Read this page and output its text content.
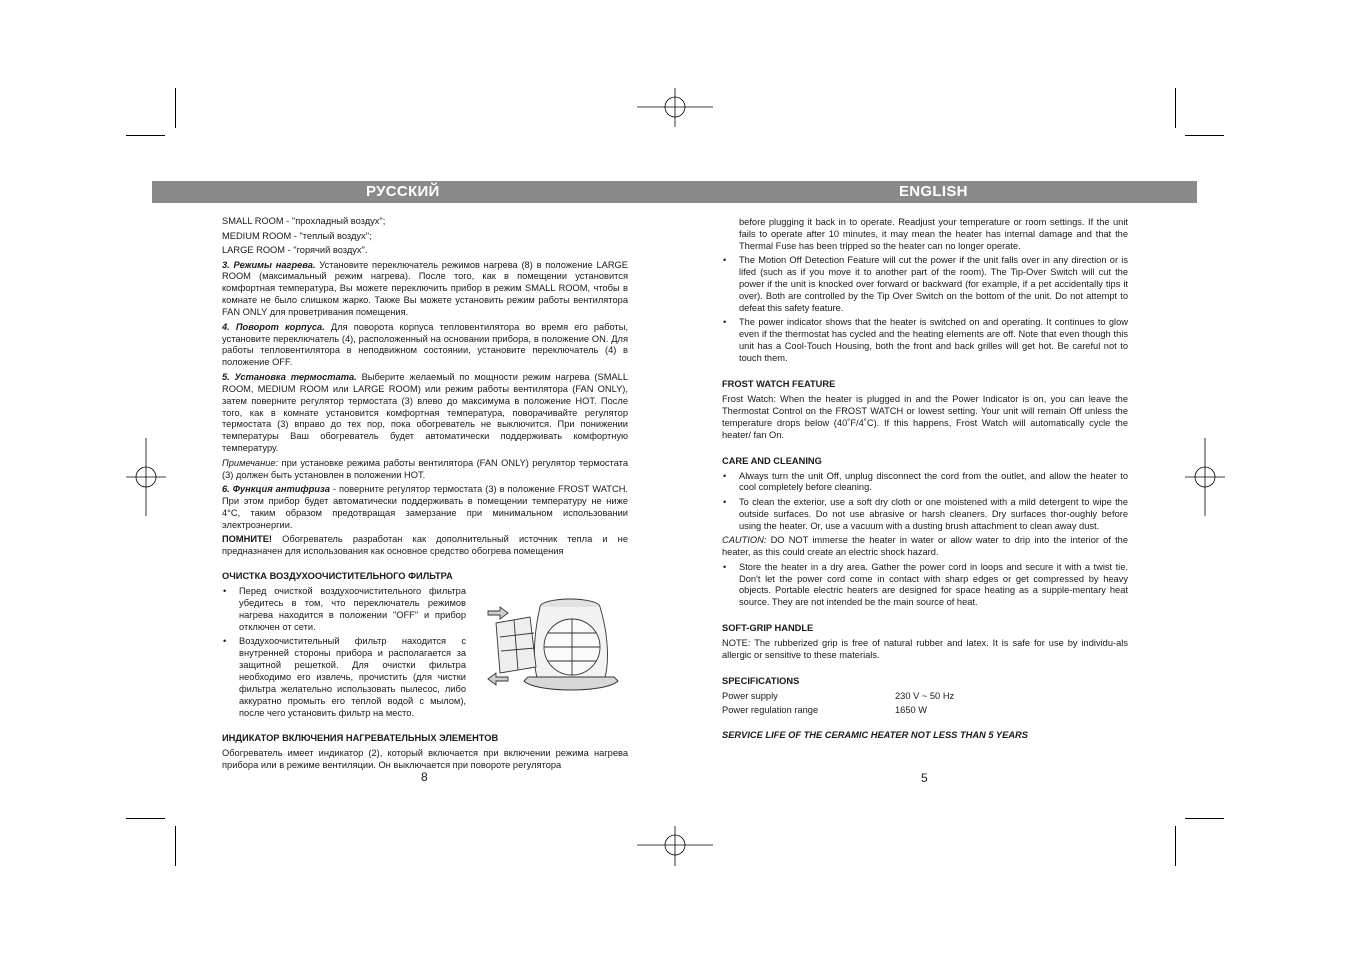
РУССКИЙ	ENGLISH

SMALL ROOM - "прохладный воздух";

MEDIUM ROOM - "теплый воздух";

LARGE ROOM - "горячий воздух".

3. Режимы нагрева. Установите переключатель режимов нагрева (8) в положение LARGE ROOM (максимальный режим нагрева). После того, как в помещении установится комфортная температура, Вы можете переключить прибор в режим SMALL ROOM, чтобы в комнате не было слишком жарко. Также Вы можете установить режим работы вентилятора FAN ONLY для проветривания помещения.

4. Поворот корпуса. Для поворота корпуса тепловентилятора во время его работы, установите переключатель (4), расположенный на основании прибора, в положение ON. Для работы тепловентилятора в неподвижном состоянии, установите переключатель (4) в положение OFF.

5. Установка термостата. Выберите желаемый по мощности режим нагрева (SMALL ROOM, MEDIUM ROOM или LARGE ROOM) или режим работы вентилятора (FAN ONLY), затем поверните регулятор термостата (3) влево до максимума в положение HOT. После того, как в комнате установится комфортная температура, поворачивайте регулятор термостата (3) вправо до тех пор, пока обогреватель не выключится. При понижении температуры Ваш обогреватель будет автоматически поддерживать комфортную температуру.

Примечание: при установке режима работы вентилятора (FAN ONLY) регулятор термостата (3) должен быть установлен в положении HOT.

6. Функция антифриза - поверните регулятор термостата (3) в положение FROST WATCH. При этом прибор будет автоматически поддерживать в помещении температуру не ниже 4°С, таким образом предотвращая замерзание при минимальном использовании электроэнергии.

ПОМНИТЕ! Обогреватель разработан как дополнительный источник тепла и не предназначен для использования как основное средство обогрева помещения

ОЧИСТКА ВОЗДУХООЧИСТИТЕЛЬНОГО ФИЛЬТРА

• Перед очисткой воздухоочистительного фильтра убедитесь в том, что переключатель режимов нагрева находится в положении "OFF" и прибор отключен от сети.

• Воздухоочистительный фильтр находится с внутренней стороны прибора и располагается за защитной решеткой. Для очистки фильтра необходимо его извлечь, прочистить (для чистки фильтра желательно использовать пылесос, либо аккуратно промыть его теплой водой с мылом), после чего установить фильтр на место.

ИНДИКАТОР ВКЛЮЧЕНИЯ НАГРЕВАТЕЛЬНЫХ ЭЛЕМЕНТОВ

Обогреватель имеет индикатор (2), который включается при включении режима нагрева прибора или в режиме вентиляции. Он выключается при повороте регулятора

8

before plugging it back in to operate. Readjust your temperature or room settings. If the unit fails to operate after 10 minutes, it may mean the heater has internal damage and that the Thermal Fuse has been tripped so the heater can no longer operate.

• The Motion Off Detection Feature will cut the power if the unit falls over in any direction or is lifed (such as if you move it to another part of the room). The Tip-Over Switch will cut the power if the unit is knocked over forward or backward (for example, if a pet accidentally tips it over). Both are controlled by the Tip Over Switch on the bottom of the unit. Do not attempt to defeat this safety feature.

• The power indicator shows that the heater is switched on and operating. It continues to glow even if the thermostat has cycled and the heating elements are off. Note that even though this unit has a Cool-Touch Housing, both the front and back grilles will get hot. Be careful not to touch them.

FROST WATCH FEATURE

Frost Watch: When the heater is plugged in and the Power Indicator is on, you can leave the Thermostat Control on the FROST WATCH or lowest setting. Your unit will remain Off unless the temperature drops below (40˚F/4˚C). If this happens, Frost Watch will automatically cycle the heater/ fan On.

CARE AND CLEANING

• Always turn the unit Off, unplug disconnect the cord from the outlet, and allow the heater to cool completely before cleaning.

• To clean the exterior, use a soft dry cloth or one moistened with a mild detergent to wipe the outside surfaces. Do not use abrasive or harsh cleaners. Dry surfaces thor-oughly before using the heater. Or, use a vacuum with a dusting brush attachment to clean away dust.

CAUTION: DO NOT immerse the heater in water or allow water to drip into the interior of the heater, as this could create an electric shock hazard.

• Store the heater in a dry area. Gather the power cord in loops and secure it with a twist tie. Don't let the power cord come in contact with sharp edges or get compressed by heavy objects. Portable electric heaters are designed for space heating as a supple-mentary heat source. They are not intended be the main source of heat.

SOFT-GRIP HANDLE

NOTE: The rubberized grip is free of natural rubber and latex. It is safe for use by individu-als allergic or sensitive to these materials.

SPECIFICATIONS
Power supply	230 V ~ 50 Hz
Power regulation range	1650 W

SERVICE LIFE OF THE CERAMIC HEATER NOT LESS THAN 5 YEARS

5
